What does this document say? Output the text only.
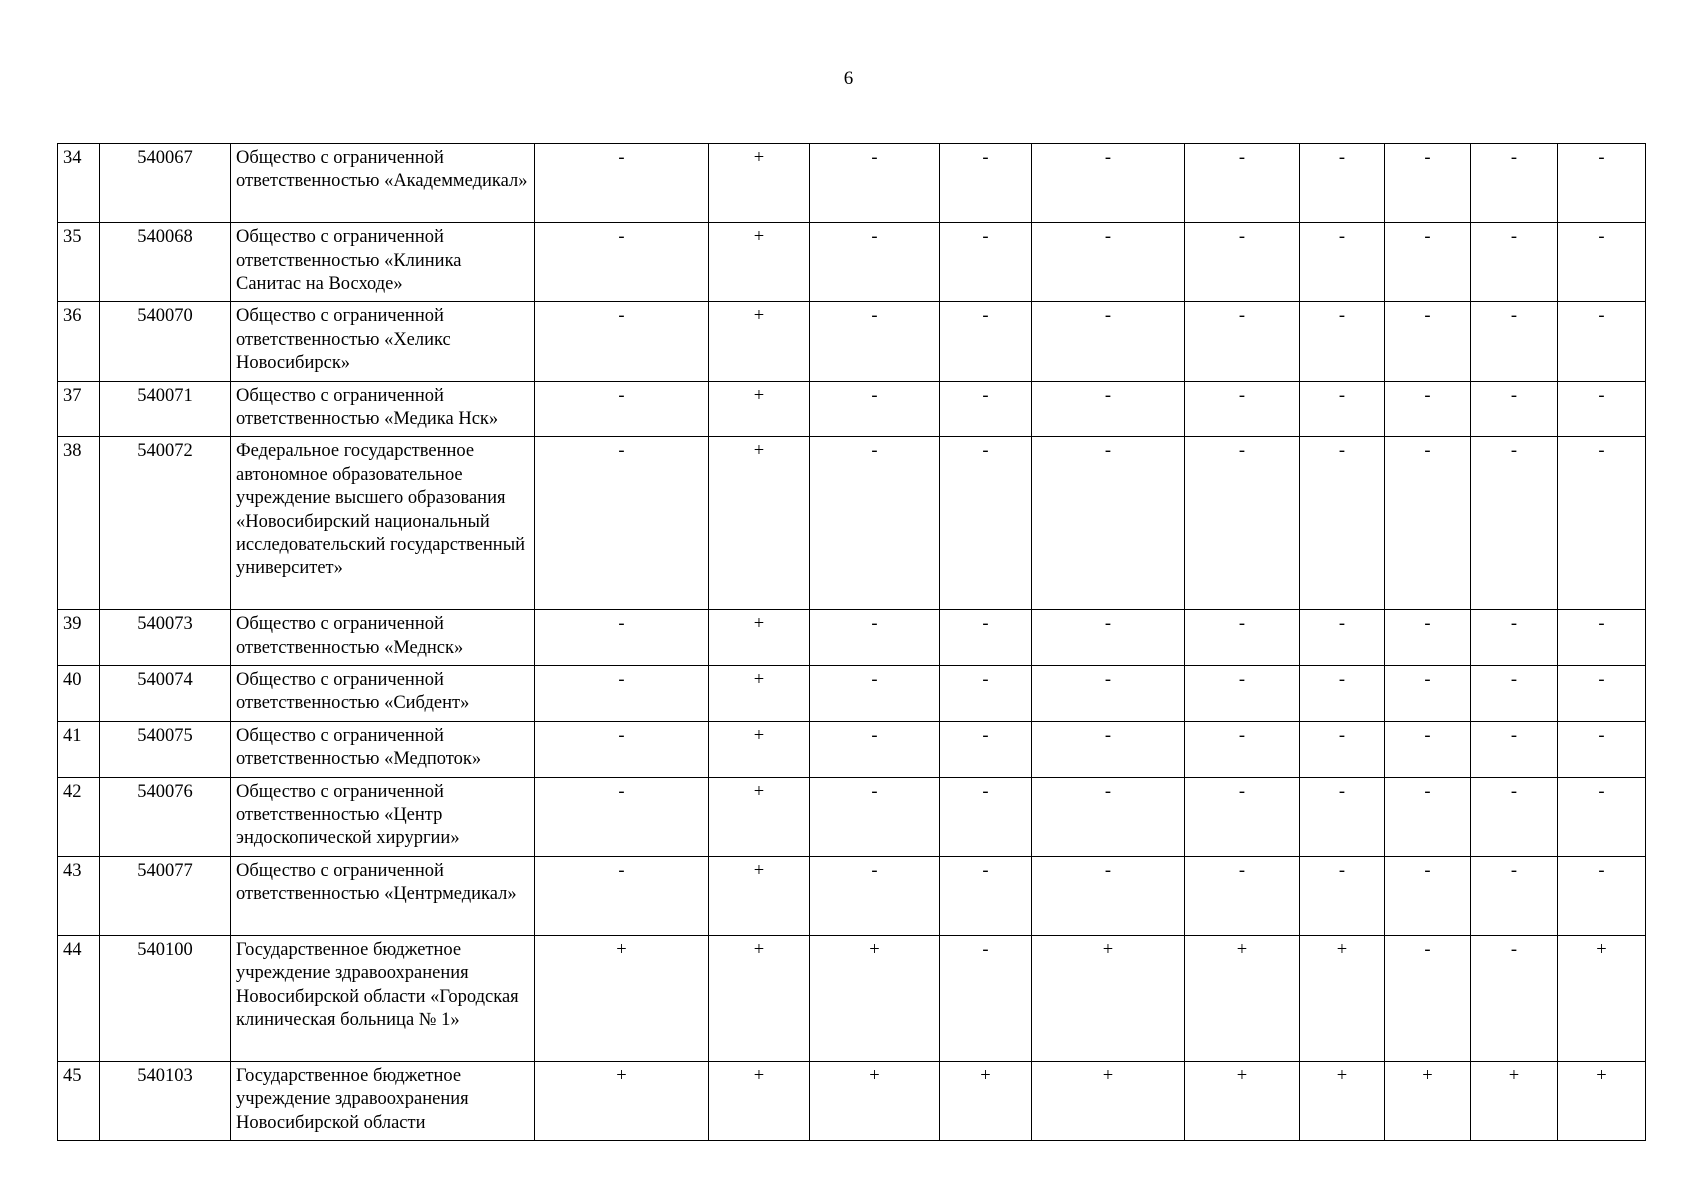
6
34	540067	Общество с ограниченной ответственностью «Академмедикал»	-	+	-	-	-	-	-	-	-	-
35	540068	Общество с ограниченной ответственностью «Клиника Санитас на Восходе»	-	+	-	-	-	-	-	-	-	-
36	540070	Общество с ограниченной ответственностью «Хеликс Новосибирск»	-	+	-	-	-	-	-	-	-	-
37	540071	Общество с ограниченной ответственностью «Медика Нск»	-	+	-	-	-	-	-	-	-	-
38	540072	Федеральное государственное автономное образовательное учреждение высшего образования «Новосибирский национальный исследовательский государственный университет»	-	+	-	-	-	-	-	-	-	-
39	540073	Общество с ограниченной ответственностью «Меднск»	-	+	-	-	-	-	-	-	-	-
40	540074	Общество с ограниченной ответственностью «Сибдент»	-	+	-	-	-	-	-	-	-	-
41	540075	Общество с ограниченной ответственностью «Медпоток»	-	+	-	-	-	-	-	-	-	-
42	540076	Общество с ограниченной ответственностью «Центр эндоскопической хирургии»	-	+	-	-	-	-	-	-	-	-
43	540077	Общество с ограниченной ответственностью «Центрмедикал»	-	+	-	-	-	-	-	-	-	-
44	540100	Государственное бюджетное учреждение здравоохранения Новосибирской области «Городская клиническая больница № 1»	+	+	+	-	+	+	+	-	-	+
45	540103	Государственное бюджетное учреждение здравоохранения Новосибирской области	+	+	+	+	+	+	+	+	+	+
